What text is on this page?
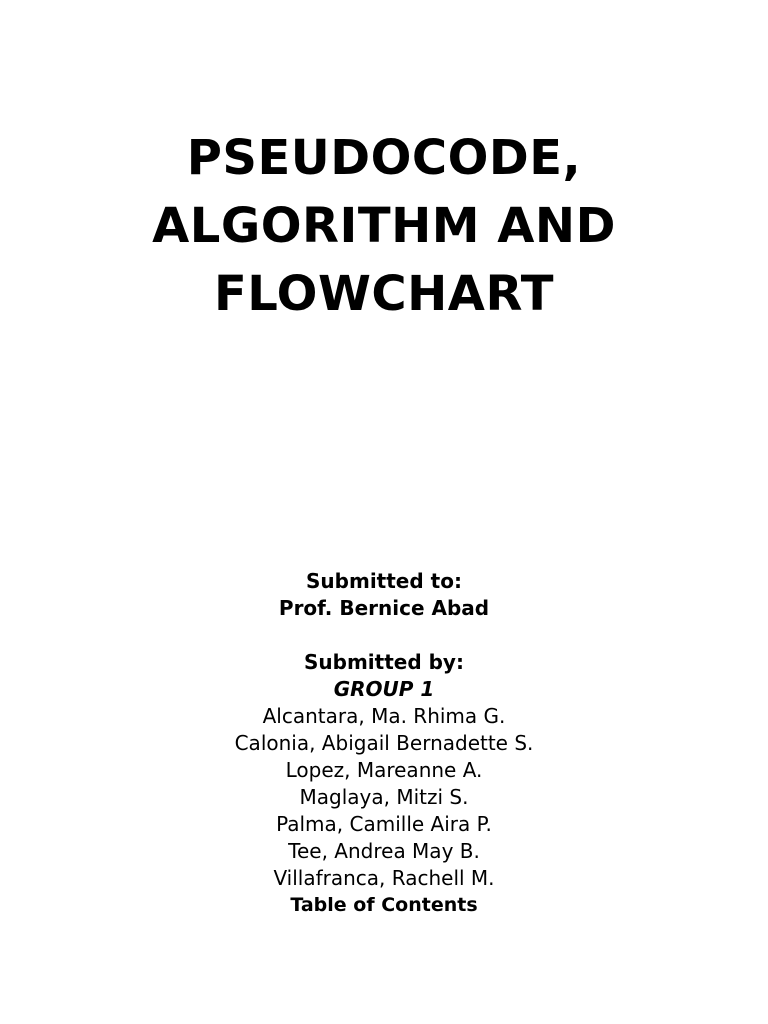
PSEUDOCODE,
ALGORITHM AND
FLOWCHART
Submitted to:
Prof. Bernice Abad
Submitted by:
GROUP 1
Alcantara, Ma. Rhima G.
Calonia, Abigail Bernadette S.
Lopez, Mareanne A.
Maglaya, Mitzi S.
Palma, Camille Aira P.
Tee, Andrea May B.
Villafranca, Rachell M.
Table of Contents
